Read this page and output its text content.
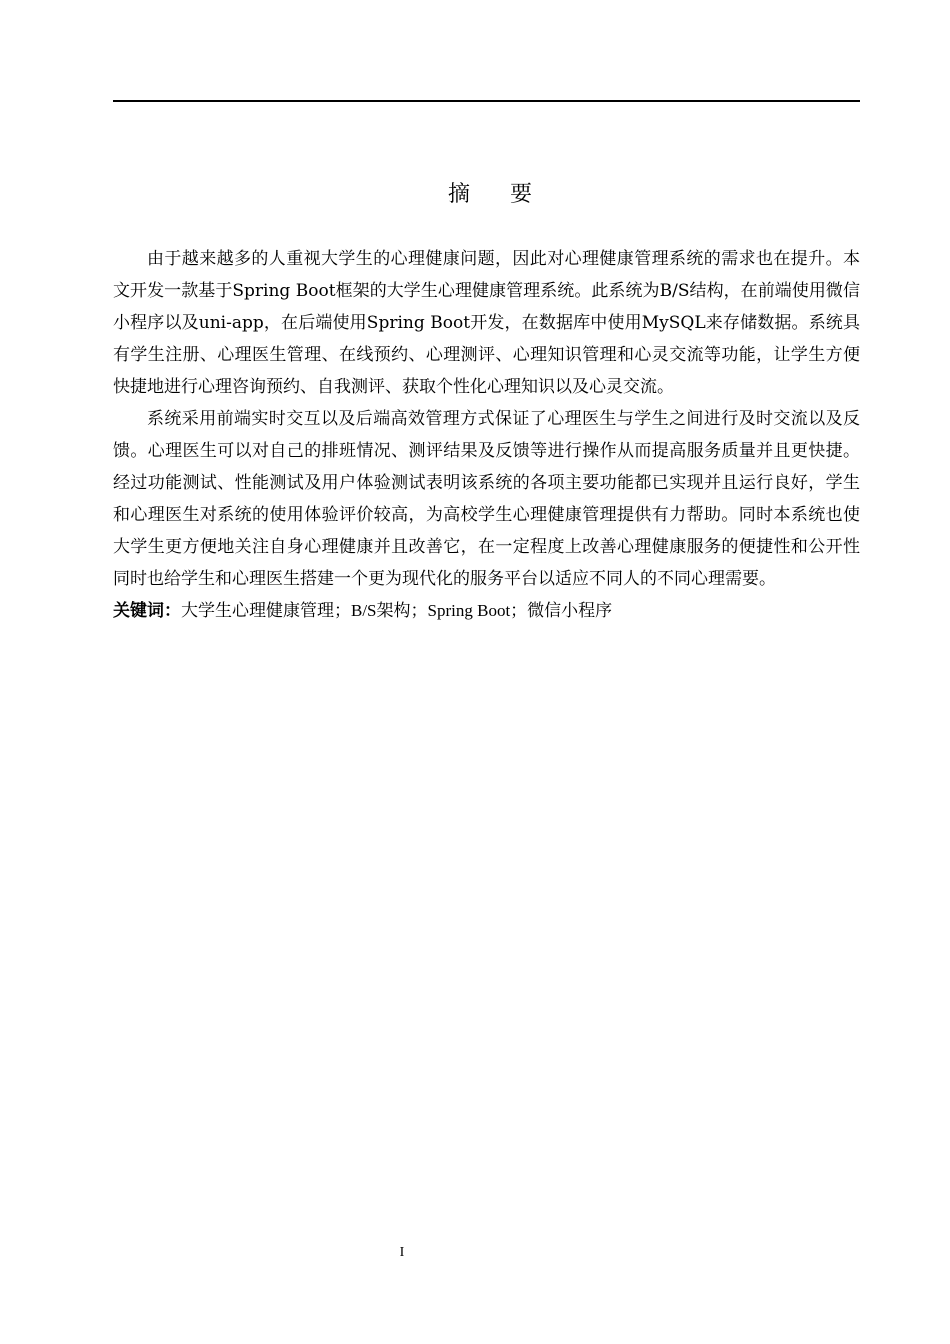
摘要

由于越来越多的人重视大学生的心理健康问题，因此对心理健康管理系统的需求也在提升。本文开发一款基于Spring Boot框架的大学生心理健康管理系统。此系统为B/S结构，在前端使用微信小程序以及uni-app，在后端使用Spring Boot开发，在数据库中使用MySQL来存储数据。系统具有学生注册、心理医生管理、在线预约、心理测评、心理知识管理和心灵交流等功能，让学生方便快捷地进行心理咨询预约、自我测评、获取个性化心理知识以及心灵交流。

系统采用前端实时交互以及后端高效管理方式保证了心理医生与学生之间进行及时交流以及反馈。心理医生可以对自己的排班情况、测评结果及反馈等进行操作从而提高服务质量并且更快捷。经过功能测试、性能测试及用户体验测试表明该系统的各项主要功能都已实现并且运行良好，学生和心理医生对系统的使用体验评价较高，为高校学生心理健康管理提供有力帮助。同时本系统也使大学生更方便地关注自身心理健康并且改善它，在一定程度上改善心理健康服务的便捷性和公开性同时也给学生和心理医生搭建一个更为现代化的服务平台以适应不同人的不同心理需要。

关键词：大学生心理健康管理；B/S架构；Spring Boot；微信小程序

I
